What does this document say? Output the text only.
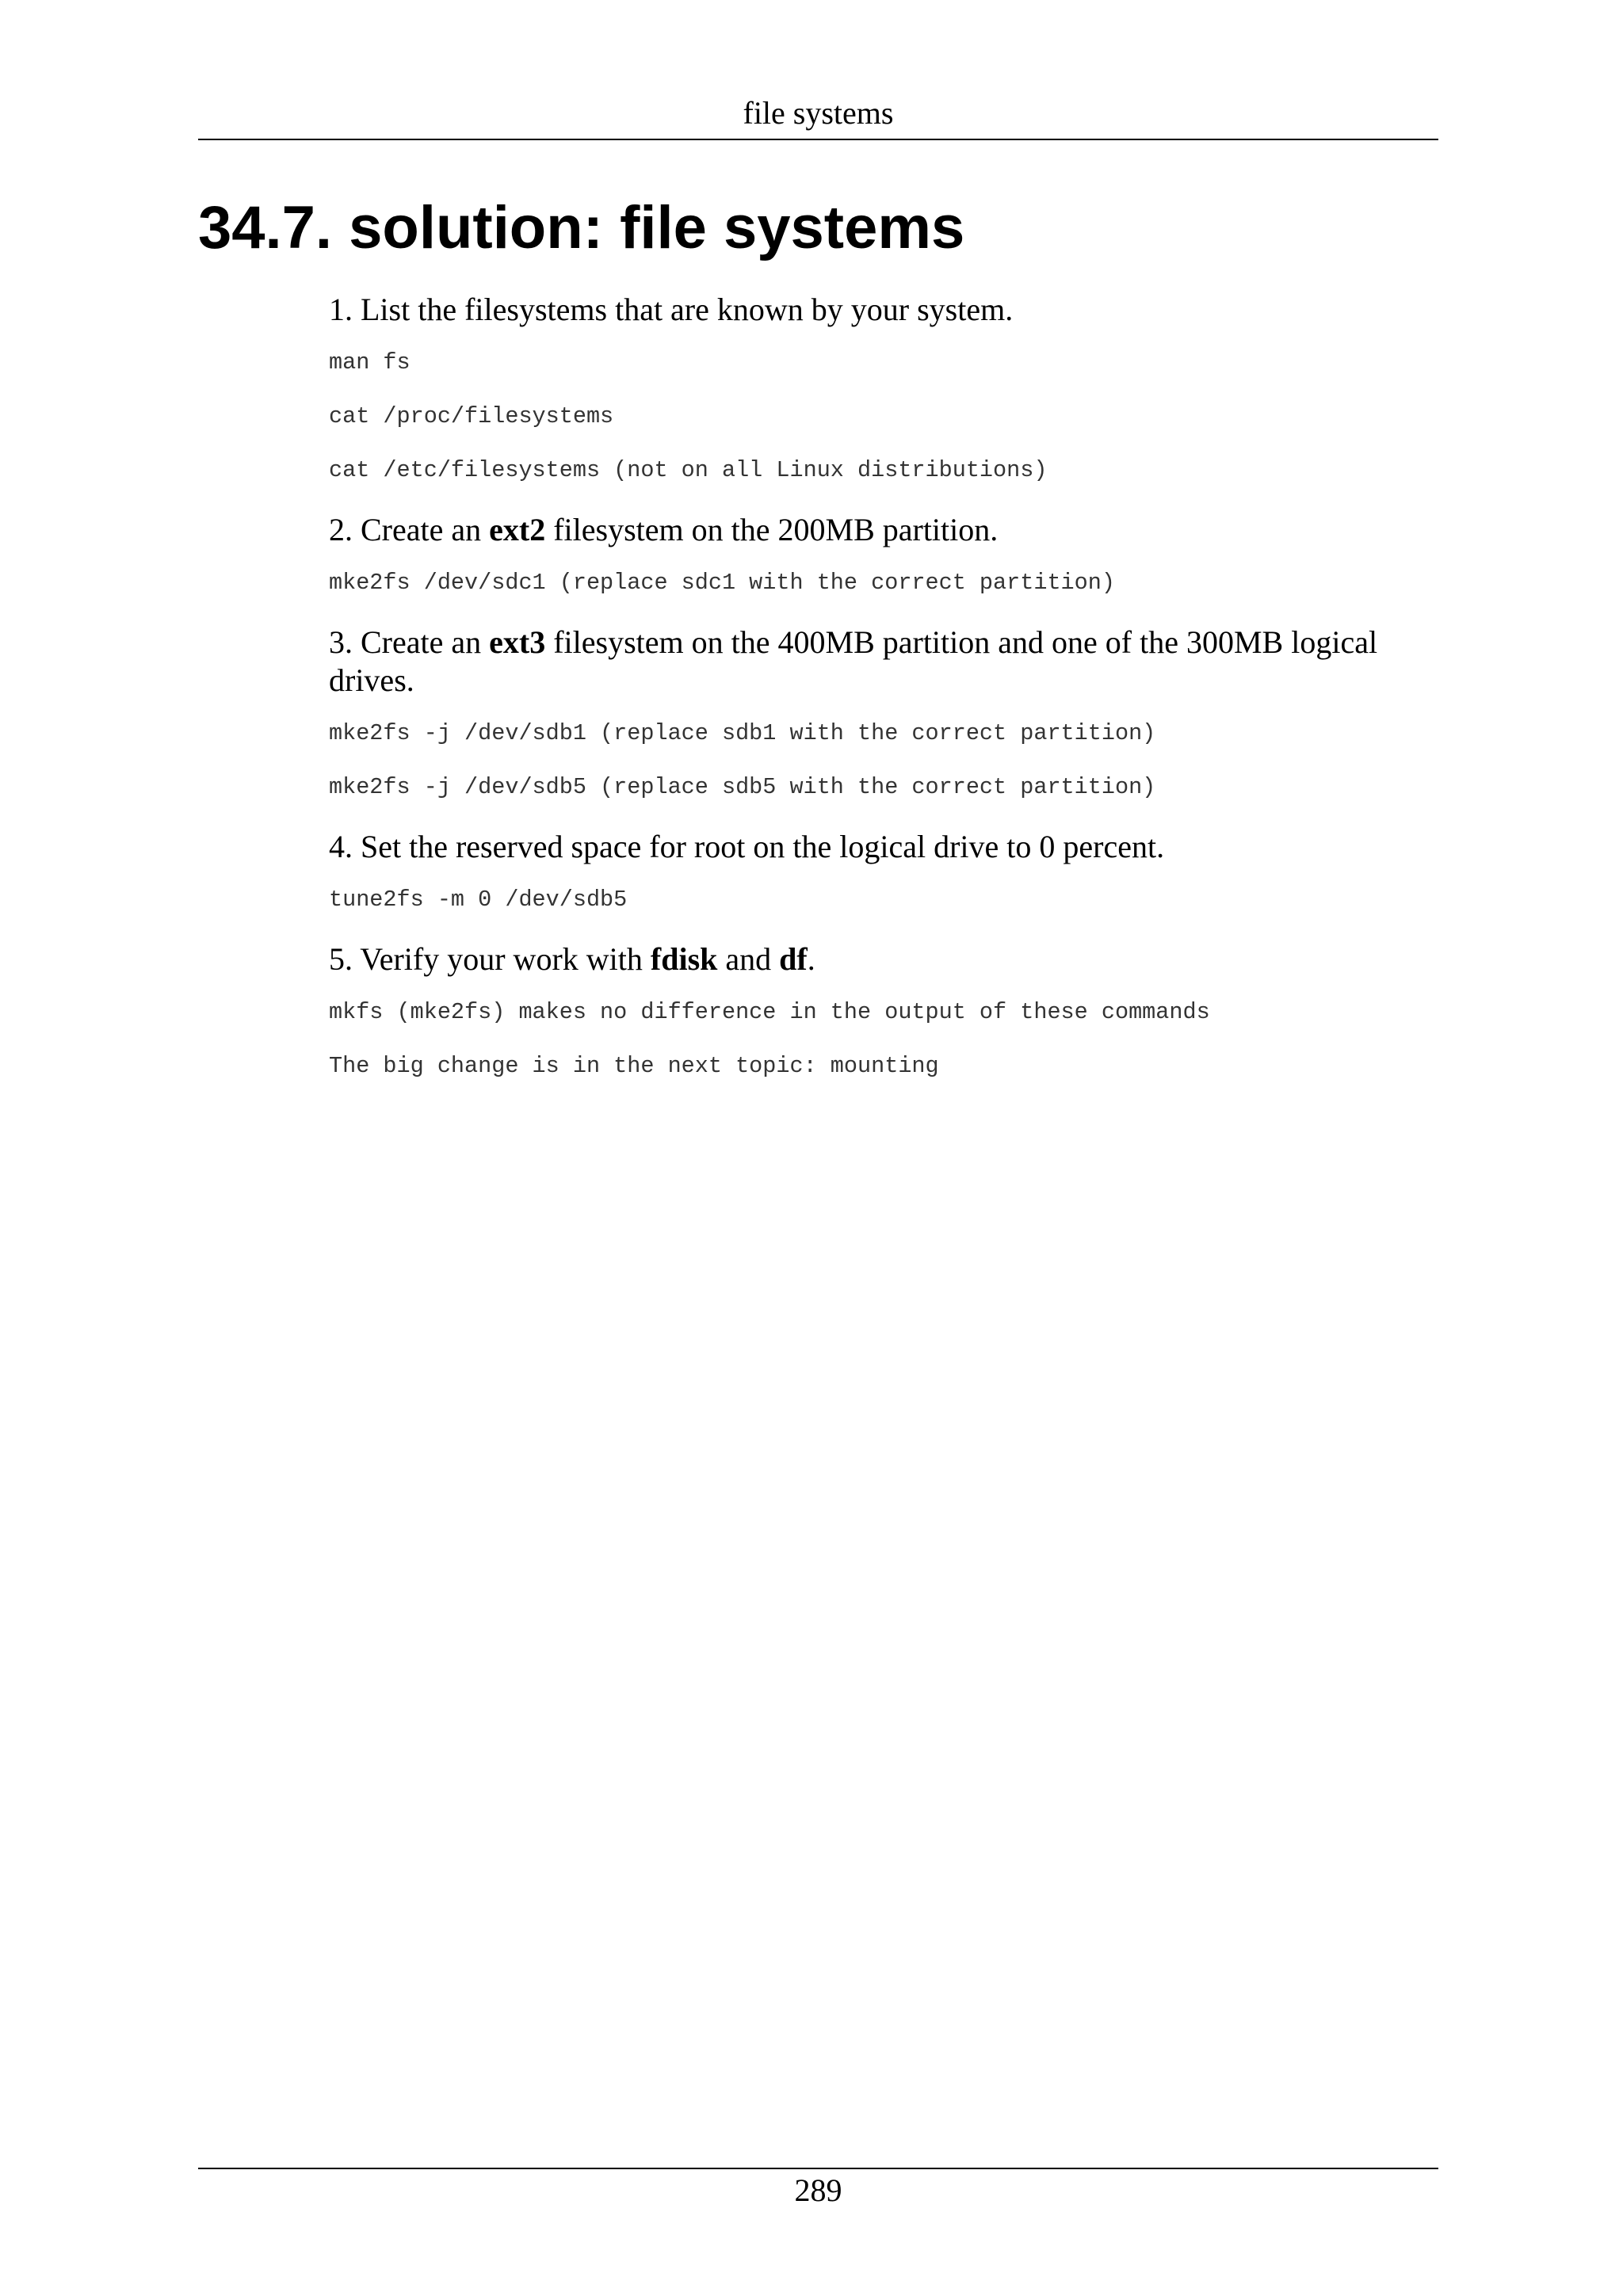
file systems
34.7. solution: file systems

1. List the filesystems that are known by your system.

man fs

cat /proc/filesystems

cat /etc/filesystems (not on all Linux distributions)

2. Create an ext2 filesystem on the 200MB partition.

mke2fs /dev/sdc1 (replace sdc1 with the correct partition)

3. Create an ext3 filesystem on the 400MB partition and one of the 300MB logical drives.

mke2fs -j /dev/sdb1 (replace sdb1 with the correct partition)

mke2fs -j /dev/sdb5 (replace sdb5 with the correct partition)

4. Set the reserved space for root on the logical drive to 0 percent.

tune2fs -m 0 /dev/sdb5

5. Verify your work with fdisk and df.

mkfs (mke2fs) makes no difference in the output of these commands

The big change is in the next topic: mounting

289
